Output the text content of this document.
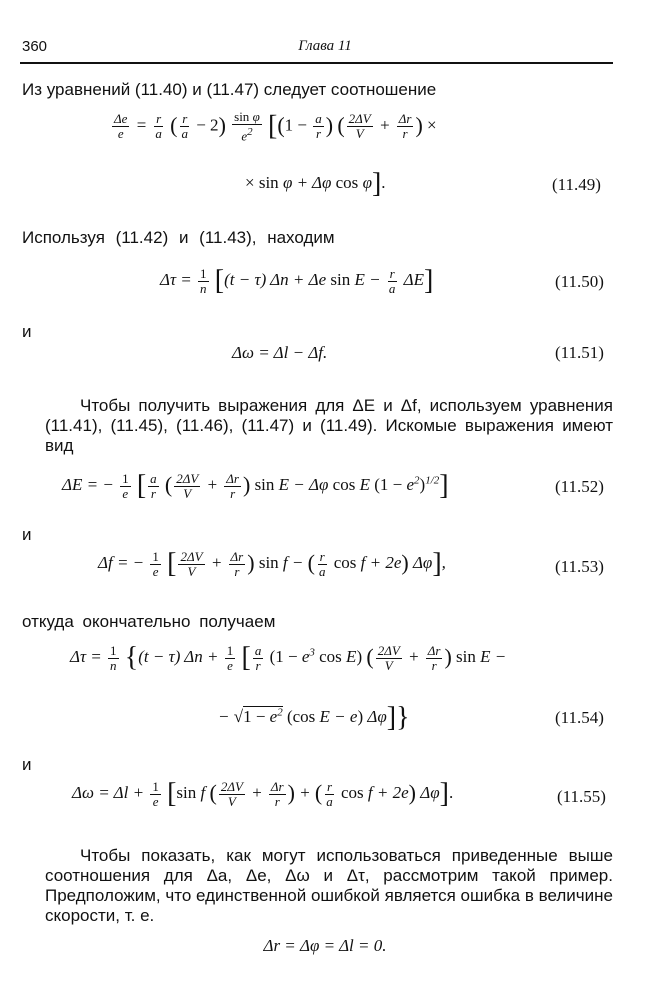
360	Глава 11
Из уравнений (11.40) и (11.47) следует соотношение
$\frac{\Delta e}{e} = \frac{r}{a}$ ( $\frac{r}{a} - 2) \frac{\text{sin φ}}{e^2} [(1 - \frac{a}{r}$ ) ( $\frac{2\Delta V}{V} + \frac{\Delta r}{r}$ ) ×
× sin φ + Δφ cos φ].	(11.49)
Используя (11.42) и (11.43), находим
$\Delta\tau = \frac{1}{n} [(t - \tau) \Delta n + \Delta e$ $\sin E - \frac{r}{a} \Delta E$]	(11.50)
и
Δω = Δl − Δf.	(11.51)
Чтобы получить выражения для ΔE и Δf, используем уравнения (11.41), (11.45), (11.46), (11.47) и (11.49). Искомые выражения имеют вид
ΔE = − $\frac{1}{e}$ [ $\frac{a}{r}$ ( $\frac{2\Delta V}{V} + \frac{\Delta r}{r}$ ) sin E − Δφ cos E $(1 - e^2)^{1/2}$]	(11.52)
и
Δf = − $\frac{1}{e}$ [ $\frac{2\Delta V}{V} + \frac{\Delta r}{r}$ ) sin f − ( $\frac{r}{a}$ cos f + 2e) Δφ],	(11.53)
откуда окончательно получаем
$\Delta\tau = \frac{1}{n} \{(t - \tau) \Delta n + \frac{1}{e}$ [ $\frac{a}{r} (1 - e^3$ cos E) ( $\frac{2\Delta V}{V} + \frac{\Delta r}{r}$ ) sin E −
− $√1 - e^2$ (cos E − e) Δφ]}	(11.54)
и
$\Delta\omega = \Delta l + \frac{1}{e} [\sin$ f ( $\frac{2\Delta V}{V} + \frac{\Delta r}{r}$ ) + ( $\frac{r}{a}$ cos f + 2e) Δφ].	(11.55)
Чтобы показать, как могут использоваться приведенные выше соотношения для Δa, Δe, Δω и Δτ, рассмотрим такой пример. Предположим, что единственной ошибкой является ошибка в величине скорости, т. е.
Δr = Δφ = Δl = 0.
